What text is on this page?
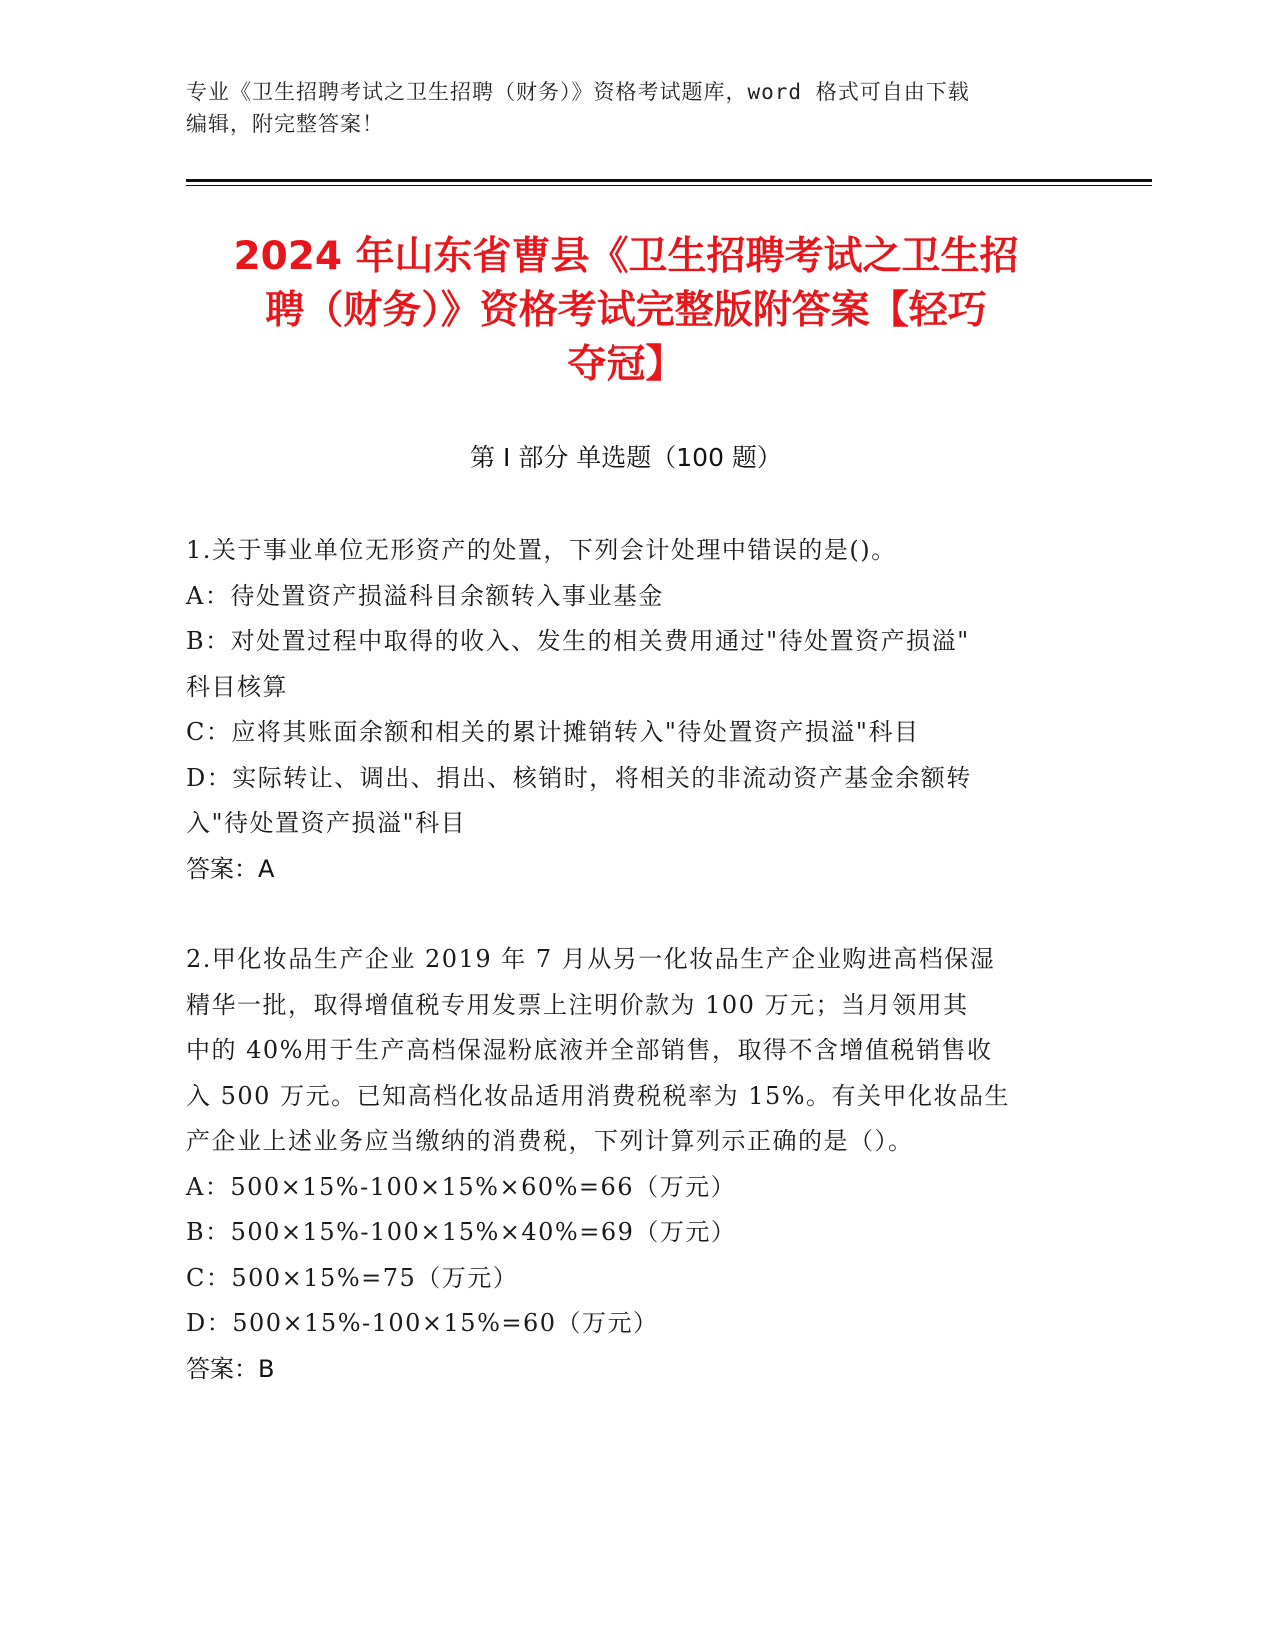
专业《卫生招聘考试之卫生招聘（财务）》资格考试题库，word 格式可自由下载
编辑，附完整答案！
2024 年山东省曹县《卫生招聘考试之卫生招
聘（财务）》资格考试完整版附答案【轻巧
夺冠】
第 I 部分 单选题（100 题）

1.关于事业单位无形资产的处置，下列会计处理中错误的是()。

A：待处置资产损溢科目余额转入事业基金

B：对处置过程中取得的收入、发生的相关费用通过"待处置资产损溢"

科目核算

C：应将其账面余额和相关的累计摊销转入"待处置资产损溢"科目

D：实际转让、调出、捐出、核销时，将相关的非流动资产基金余额转

入"待处置资产损溢"科目

答案：A

2.甲化妆品生产企业 2019 年 7 月从另一化妆品生产企业购进高档保湿

精华一批，取得增值税专用发票上注明价款为 100 万元；当月领用其

中的 40%用于生产高档保湿粉底液并全部销售，取得不含增值税销售收

入 500 万元。已知高档化妆品适用消费税税率为 15%。有关甲化妆品生

产企业上述业务应当缴纳的消费税，下列计算列示正确的是（）。

A：500×15%-100×15%×60%=66（万元）

B：500×15%-100×15%×40%=69（万元）

C：500×15%=75（万元）

D：500×15%-100×15%=60（万元）

答案：B
